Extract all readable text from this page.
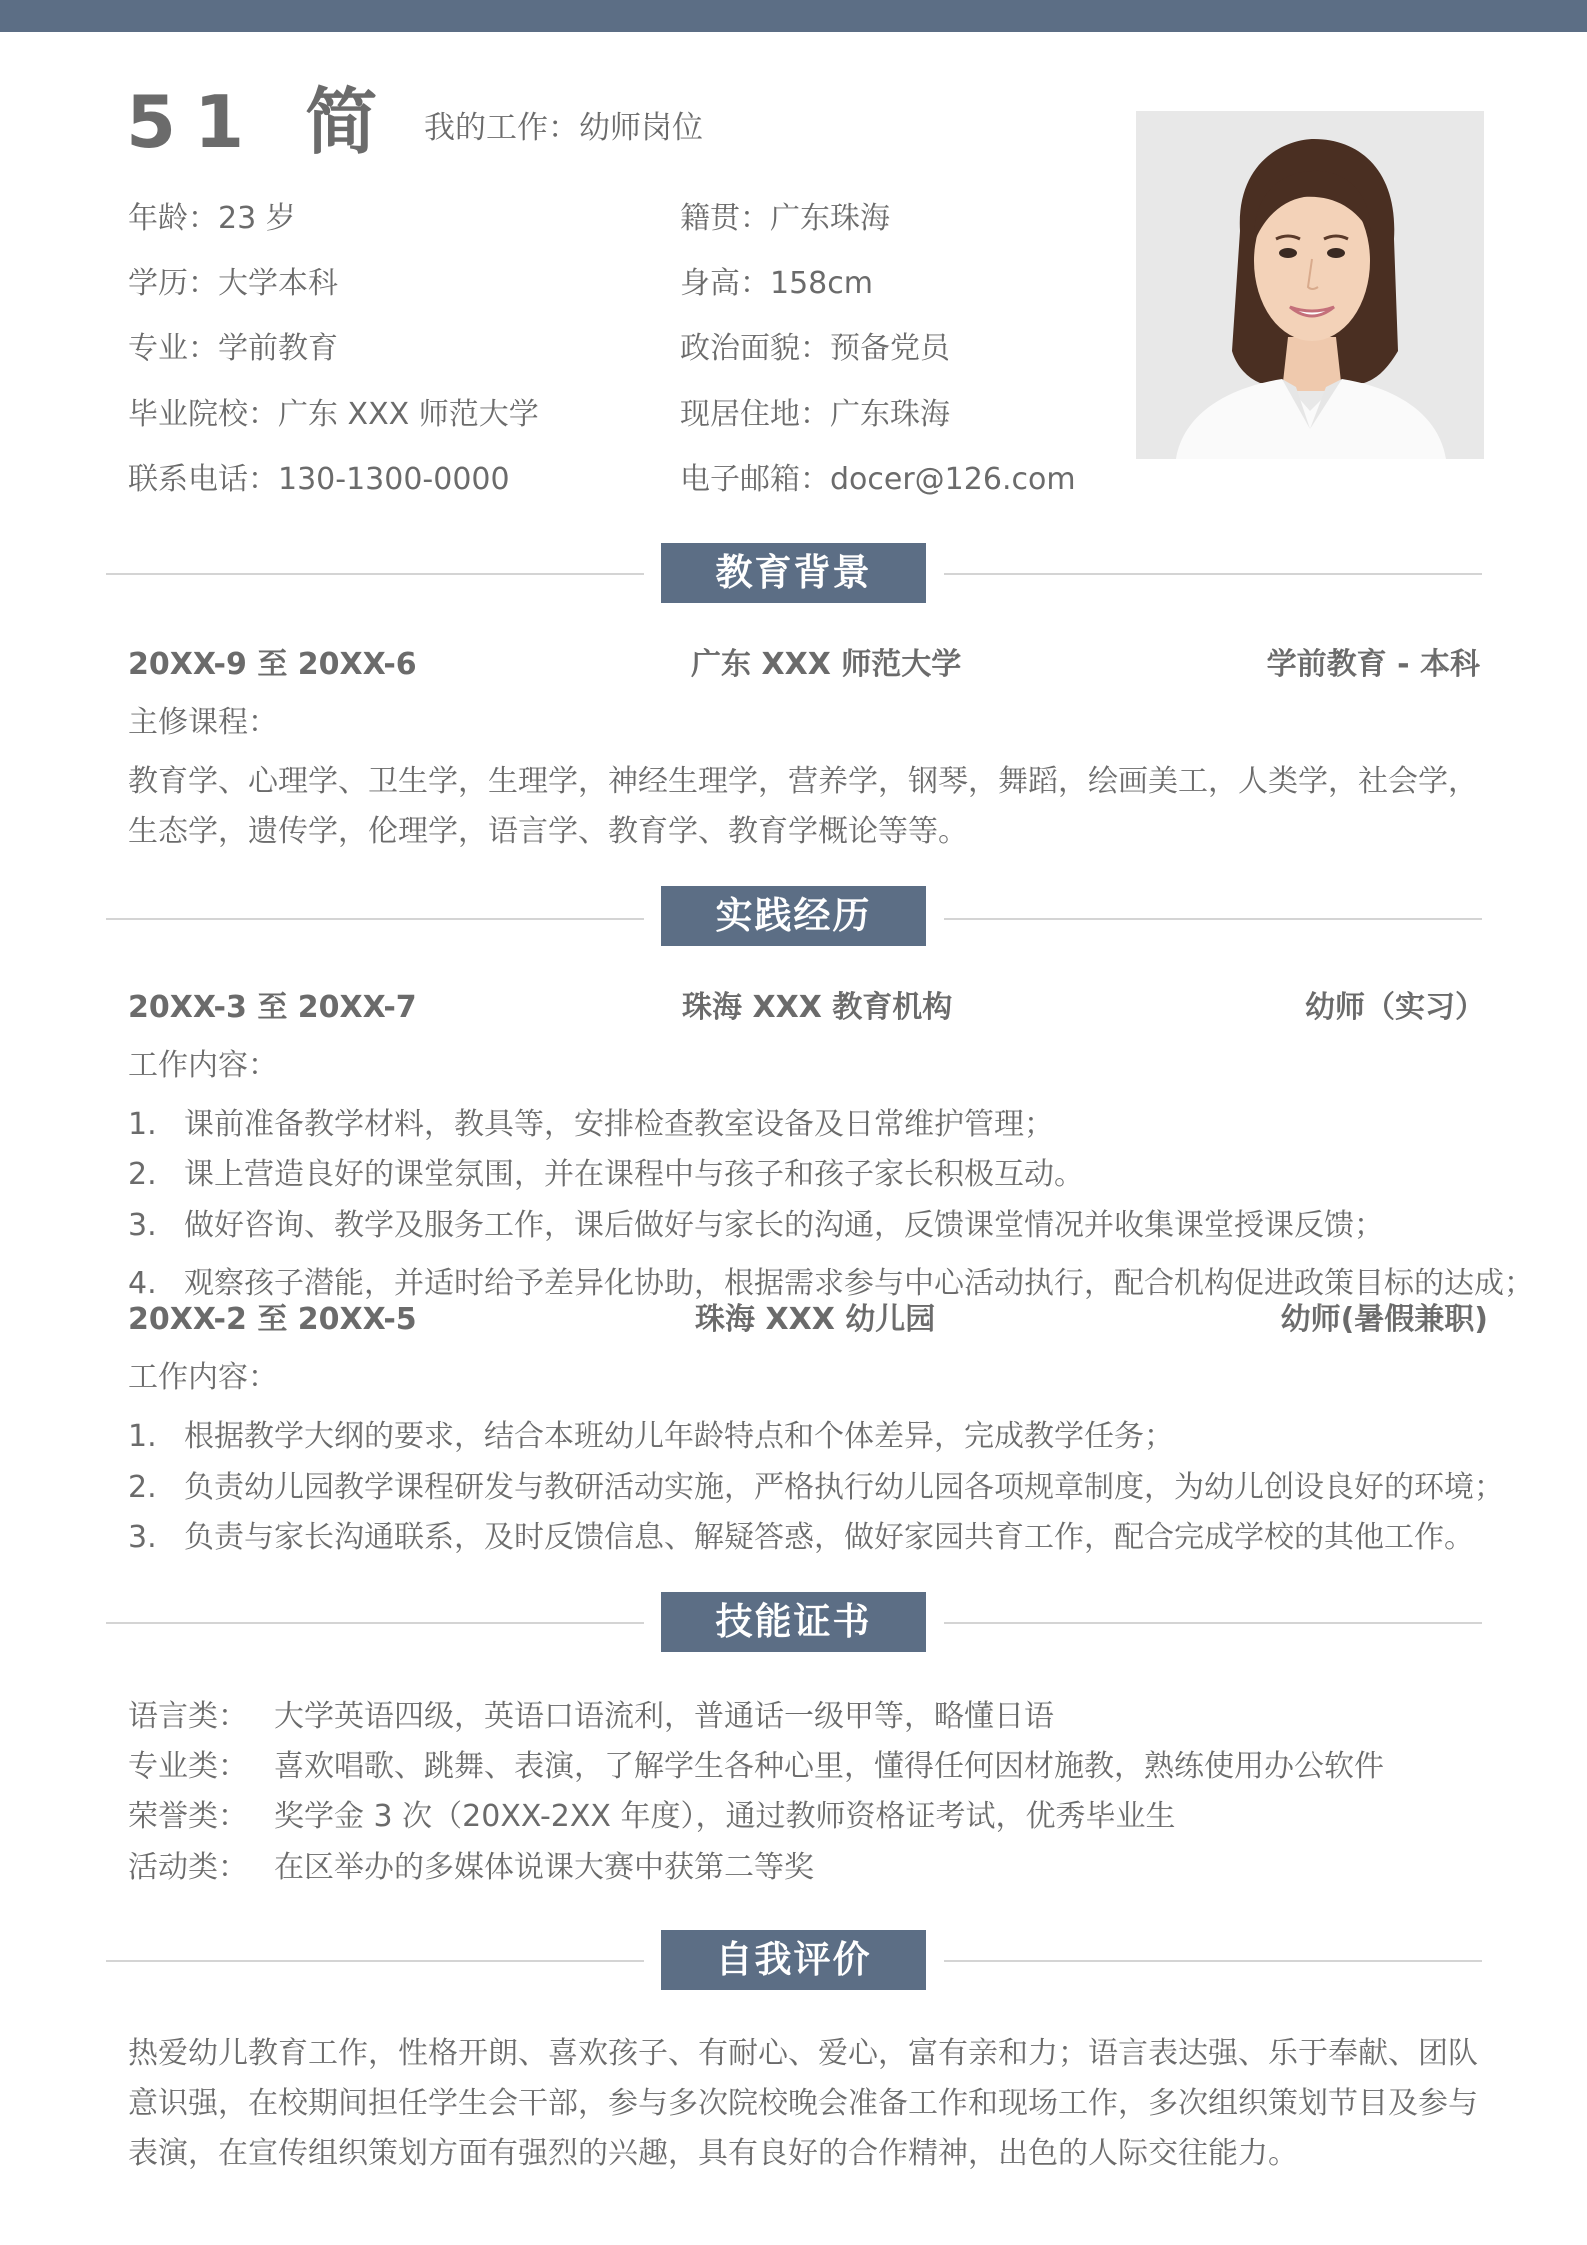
51 简 我的工作：幼师岗位
年龄：23 岁
学历：大学本科
专业：学前教育
毕业院校：广东 XXX 师范大学
联系电话：130-1300-0000
籍贯：广东珠海
身高：158cm
政治面貌：预备党员
现居住地：广东珠海
电子邮箱：docer@126.com
教育背景
20XX-9 至 20XX-6	广东 XXX 师范大学	学前教育 - 本科
主修课程：
教育学、心理学、卫生学，生理学，神经生理学，营养学，钢琴，舞蹈，绘画美工，人类学，社会学，生态学，遗传学，伦理学，语言学、教育学、教育学概论等等。
实践经历
20XX-3 至 20XX-7	珠海 XXX 教育机构	幼师（实习）
工作内容：
1. 课前准备教学材料，教具等，安排检查教室设备及日常维护管理；
2. 课上营造良好的课堂氛围，并在课程中与孩子和孩子家长积极互动。
3. 做好咨询、教学及服务工作，课后做好与家长的沟通，反馈课堂情况并收集课堂授课反馈；
4. 观察孩子潜能，并适时给予差异化协助，根据需求参与中心活动执行，配合机构促进政策目标的达成；
20XX-2 至 20XX-5	珠海 XXX 幼儿园	幼师(暑假兼职)
工作内容：
1. 根据教学大纲的要求，结合本班幼儿年龄特点和个体差异，完成教学任务；
2. 负责幼儿园教学课程研发与教研活动实施，严格执行幼儿园各项规章制度，为幼儿创设良好的环境；
3. 负责与家长沟通联系，及时反馈信息、解疑答惑，做好家园共育工作，配合完成学校的其他工作。
技能证书
语言类： 大学英语四级，英语口语流利，普通话一级甲等，略懂日语
专业类： 喜欢唱歌、跳舞、表演，了解学生各种心里，懂得任何因材施教，熟练使用办公软件
荣誉类： 奖学金 3 次（20XX-2XX 年度），通过教师资格证考试，优秀毕业生
活动类： 在区举办的多媒体说课大赛中获第二等奖
自我评价
热爱幼儿教育工作，性格开朗、喜欢孩子、有耐心、爱心，富有亲和力；语言表达强、乐于奉献、团队意识强，在校期间担任学生会干部，参与多次院校晚会准备工作和现场工作，多次组织策划节目及参与表演，在宣传组织策划方面有强烈的兴趣，具有良好的合作精神，出色的人际交往能力。
